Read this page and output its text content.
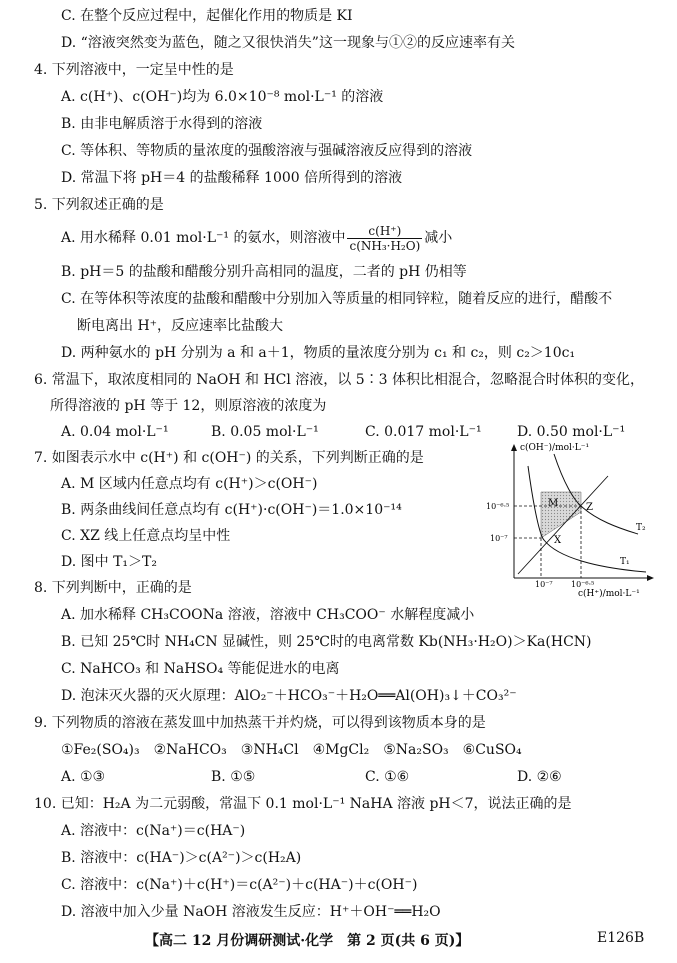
C. 在整个反应过程中，起催化作用的物质是 KI
D. “溶液突然变为蓝色，随之又很快消失”这一现象与①②的反应速率有关
4. 下列溶液中，一定呈中性的是
A. c(H⁺)、c(OH⁻)均为 6.0×10⁻⁸ mol·L⁻¹ 的溶液
B. 由非电解质溶于水得到的溶液
C. 等体积、等物质的量浓度的强酸溶液与强碱溶液反应得到的溶液
D. 常温下将 pH＝4 的盐酸稀释 1000 倍所得到的溶液
5. 下列叙述正确的是
A. 用水稀释 0.01 mol·L⁻¹ 的氨水，则溶液中 $\frac{c(H^+)}{\text{c(NH₃·H₂O)}}$ 减小
B. pH＝5 的盐酸和醋酸分别升高相同的温度，二者的 pH 仍相等
C. 在等体积等浓度的盐酸和醋酸中分别加入等质量的相同锌粒，随着反应的进行，醋酸不
断电离出 H⁺，反应速率比盐酸大
D. 两种氨水的 pH 分别为 a 和 a＋1，物质的量浓度分别为 c₁ 和 c₂，则 c₂＞10c₁
6. 常温下，取浓度相同的 NaOH 和 HCl 溶液，以 5∶3 体积比相混合，忽略混合时体积的变化，
所得溶液的 pH 等于 12，则原溶液的浓度为
A. 0.04 mol·L⁻¹	B. 0.05 mol·L⁻¹	C. 0.017 mol·L⁻¹	D. 0.50 mol·L⁻¹
7. 如图表示水中 c(H⁺) 和 c(OH⁻) 的关系，下列判断正确的是
A. M 区域内任意点均有 c(H⁺)＞c(OH⁻)
B. 两条曲线间任意点均有 c(H⁺)·c(OH⁻)＝1.0×10⁻¹⁴
C. XZ 线上任意点均呈中性
D. 图中 T₁＞T₂
c(OH⁻)/mol·L⁻¹
c(H⁺)/mol·L⁻¹
10⁻⁶·⁵
10⁻⁷
10⁻⁷ 10⁻⁶·⁵
M	Z
X
T₁
T₂
8. 下列判断中，正确的是
A. 加水稀释 CH₃COONa 溶液，溶液中 CH₃COO⁻ 水解程度减小
B. 已知 25℃时 NH₄CN 显碱性，则 25℃时的电离常数 Kb(NH₃·H₂O)＞Ka(HCN)
C. NaHCO₃ 和 NaHSO₄ 等能促进水的电离
D. 泡沫灭火器的灭火原理：AlO₂⁻＋HCO₃⁻＋H₂O══Al(OH)₃↓＋CO₃²⁻
9. 下列物质的溶液在蒸发皿中加热蒸干并灼烧，可以得到该物质本身的是
①Fe₂(SO₄)₃　②NaHCO₃　③NH₄Cl　④MgCl₂　⑤Na₂SO₃　⑥CuSO₄
A. ①③	B. ①⑤	C. ①⑥	D. ②⑥
10. 已知：H₂A 为二元弱酸，常温下 0.1 mol·L⁻¹ NaHA 溶液 pH＜7，说法正确的是
A. 溶液中：c(Na⁺)＝c(HA⁻)
B. 溶液中：c(HA⁻)＞c(A²⁻)＞c(H₂A)
C. 溶液中：c(Na⁺)＋c(H⁺)＝c(A²⁻)＋c(HA⁻)＋c(OH⁻)
D. 溶液中加入少量 NaOH 溶液发生反应：H⁺＋OH⁻══H₂O
【高二 12 月份调研测试·化学　第 2 页(共 6 页)】	E126B
